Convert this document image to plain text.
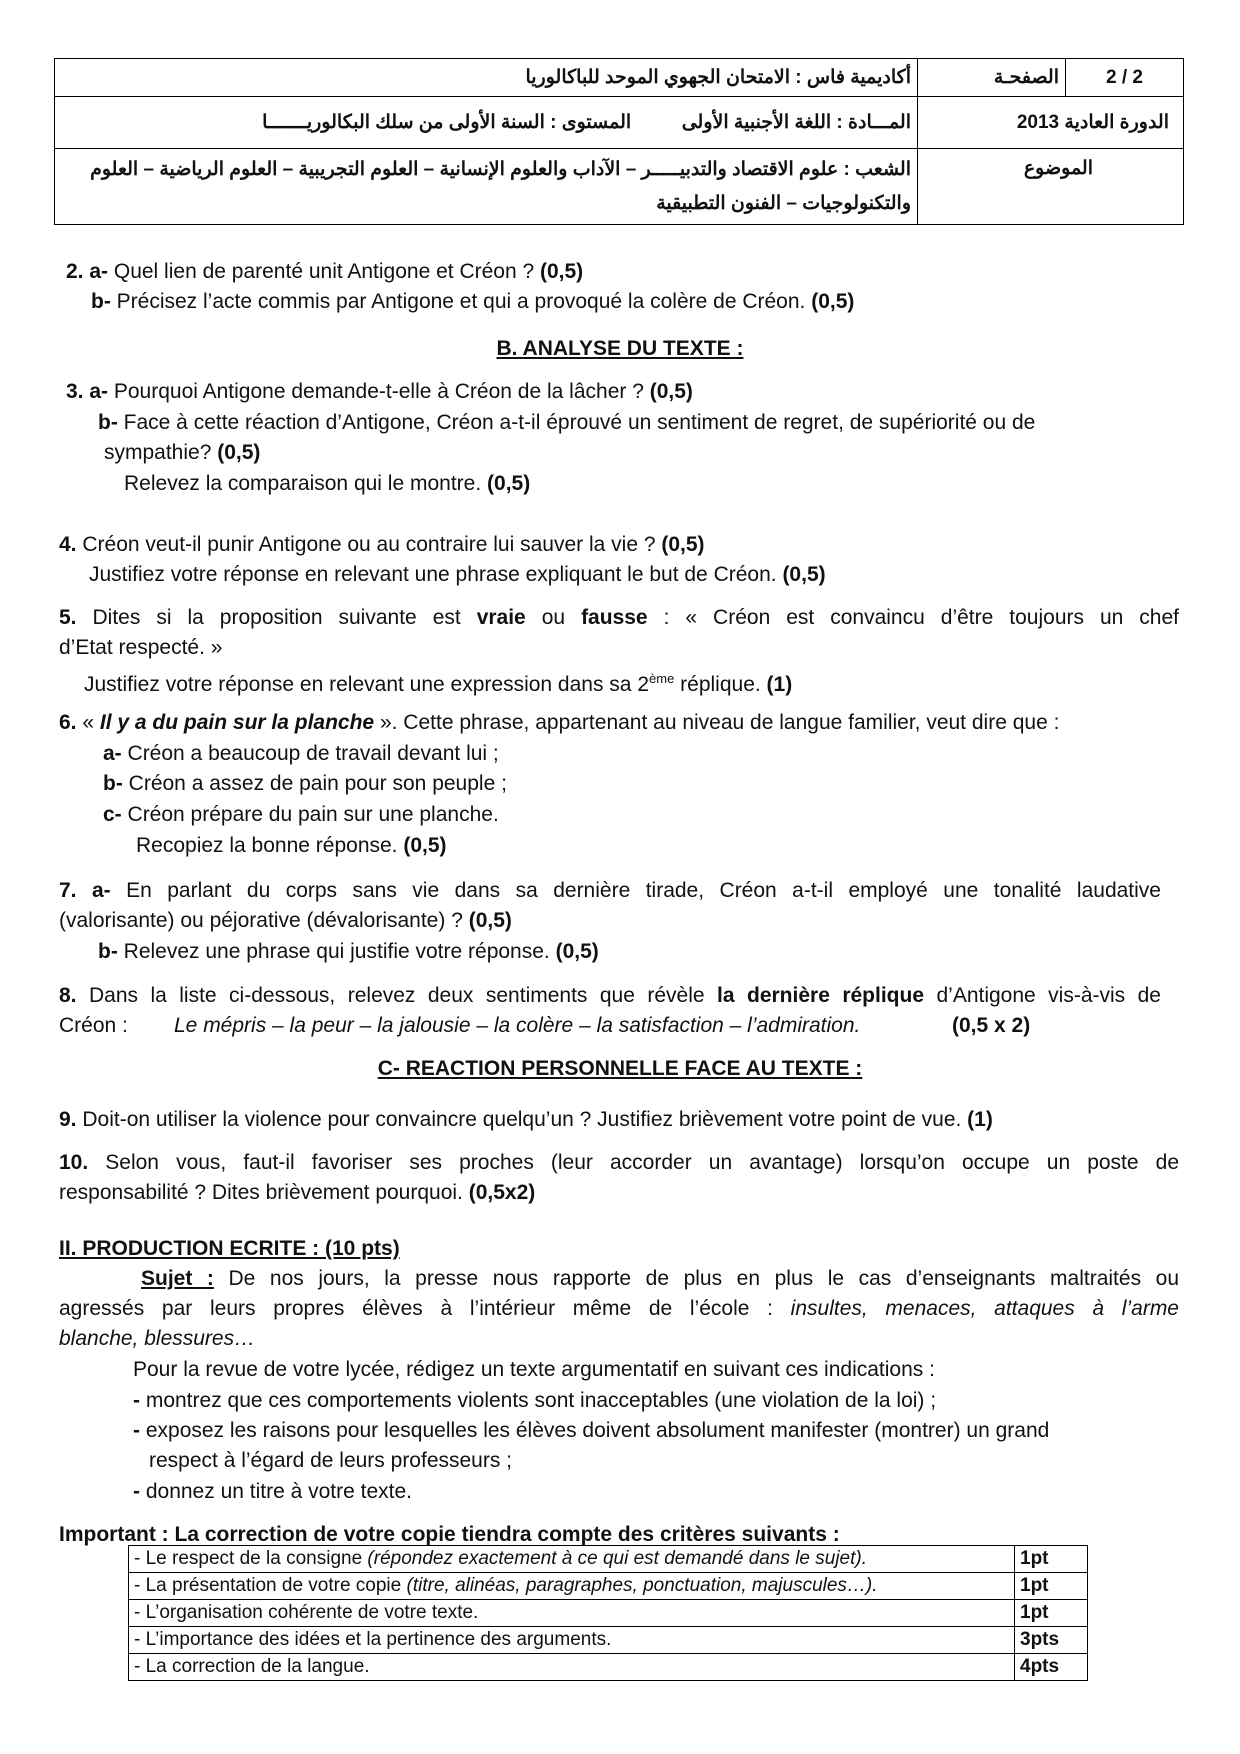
أكاديمية فاس : الامتحان الجهوي الموحد للباكالوريا	الصفحـة	2 / 2
المـــادة : اللغة الأجنبية الأولى  المستوى : السنة الأولى من سلك البكالوريـــــــا	الدورة العادية 2013	
الشعب : علوم الاقتصاد والتدبيـــــر – الآداب والعلوم الإنسانية – العلوم التجريبية – العلوم الرياضية – العلوم
والتكنولوجيات – الفنون التطبيقية	الموضوع	
2. a- Quel lien de parenté unit Antigone et Créon ? (0,5)
b- Précisez l’acte commis par Antigone et qui a provoqué la colère de Créon. (0,5)
B. ANALYSE DU TEXTE :
3. a- Pourquoi Antigone demande-t-elle à Créon de la lâcher ? (0,5)
b- Face à cette réaction d’Antigone, Créon a-t-il éprouvé un sentiment de regret, de supériorité ou de
sympathie? (0,5)
Relevez la comparaison qui le montre. (0,5)
4. Créon veut-il punir Antigone ou au contraire lui sauver la vie ? (0,5)
Justifiez votre réponse en relevant une phrase expliquant le but de Créon. (0,5)
5. Dites si la proposition suivante est vraie ou fausse : « Créon est convaincu d’être toujours un chef
d’Etat respecté. »
Justifiez votre réponse en relevant une expression dans sa 2ème réplique. (1)
6. « Il y a du pain sur la planche ». Cette phrase, appartenant au niveau de langue familier, veut dire que :
a- Créon a beaucoup de travail devant lui ;
b- Créon a assez de pain pour son peuple ;
c- Créon prépare du pain sur une planche.
Recopiez la bonne réponse. (0,5)
7. a- En parlant du corps sans vie dans sa dernière tirade, Créon a-t-il employé une tonalité laudative
(valorisante) ou péjorative (dévalorisante) ? (0,5)
b- Relevez une phrase qui justifie votre réponse. (0,5)
8. Dans la liste ci-dessous, relevez deux sentiments que révèle la dernière réplique d’Antigone vis-à-vis de
Créon : Le mépris – la peur – la jalousie – la colère – la satisfaction – l’admiration.	(0,5 x 2)
C- REACTION PERSONNELLE FACE AU TEXTE :
9. Doit-on utiliser la violence pour convaincre quelqu’un ? Justifiez brièvement votre point de vue. (1)
10. Selon vous, faut-il favoriser ses proches (leur accorder un avantage) lorsqu’on occupe un poste de
responsabilité ? Dites brièvement pourquoi. (0,5x2)
II. PRODUCTION ECRITE : (10 pts)
Sujet : De nos jours, la presse nous rapporte de plus en plus le cas d’enseignants maltraités ou
agressés par leurs propres élèves à l’intérieur même de l’école : insultes, menaces, attaques à l’arme
blanche, blessures…
Pour la revue de votre lycée, rédigez un texte argumentatif en suivant ces indications :
- montrez que ces comportements violents sont inacceptables (une violation de la loi) ;
- exposez les raisons pour lesquelles les élèves doivent absolument manifester (montrer) un grand
respect à l’égard de leurs professeurs ;
- donnez un titre à votre texte.
Important : La correction de votre copie tiendra compte des critères suivants :
- Le respect de la consigne (répondez exactement à ce qui est demandé dans le sujet).	1pt
- La présentation de votre copie (titre, alinéas, paragraphes, ponctuation, majuscules…).	1pt
- L’organisation cohérente de votre texte.	1pt
- L’importance des idées et la pertinence des arguments.	3pts
- La correction de la langue.	4pts
